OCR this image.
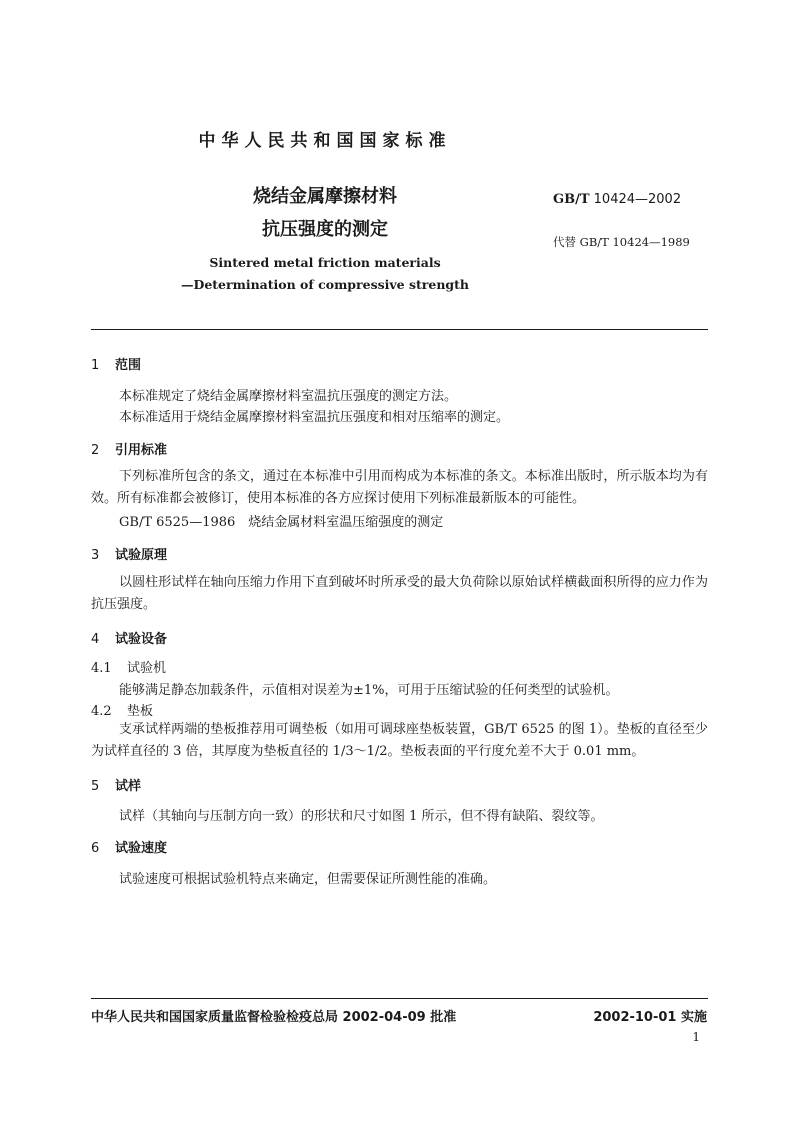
中华人民共和国国家标准
烧结金属摩擦材料
抗压强度的测定
Sintered metal friction materials
—Determination of compressive strength
GB/T 10424—2002
代替 GB/T 10424—1989
1 范围
本标准规定了烧结金属摩擦材料室温抗压强度的测定方法。
本标准适用于烧结金属摩擦材料室温抗压强度和相对压缩率的测定。
2 引用标准
下列标准所包含的条文，通过在本标准中引用而构成为本标准的条文。本标准出版时，所示版本均为有效。所有标准都会被修订，使用本标准的各方应探讨使用下列标准最新版本的可能性。
GB/T 6525—1986　烧结金属材料室温压缩强度的测定
3 试验原理
以圆柱形试样在轴向压缩力作用下直到破坏时所承受的最大负荷除以原始试样横截面积所得的应力作为抗压强度。
4 试验设备
4.1 试验机
能够满足静态加载条件，示值相对误差为±1%，可用于压缩试验的任何类型的试验机。
4.2 垫板
支承试样两端的垫板推荐用可调垫板（如用可调球座垫板装置，GB/T 6525 的图 1）。垫板的直径至少为试样直径的 3 倍，其厚度为垫板直径的 1/3～1/2。垫板表面的平行度允差不大于 0.01 mm。
5 试样
试样（其轴向与压制方向一致）的形状和尺寸如图 1 所示，但不得有缺陷、裂纹等。
6 试验速度
试验速度可根据试验机特点来确定，但需要保证所测性能的准确。
中华人民共和国国家质量监督检验检疫总局 2002-04-09 批准	2002-10-01 实施
1
